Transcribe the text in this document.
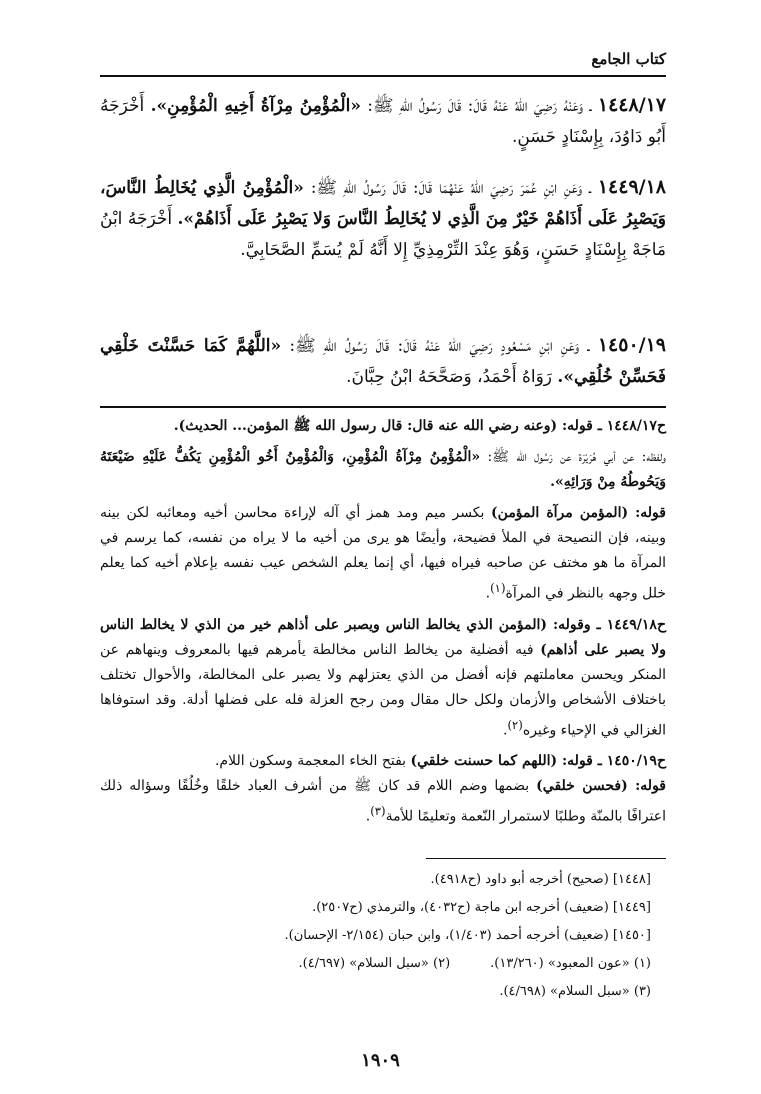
كتاب الجامع

١٤٤٨/١٧ ـ وَعَنْهُ رَضِيَ اللهُ عَنْهُ قَالَ: قَالَ رَسُولُ اللهِ ﷺ: «الْمُؤْمِنُ مِرْآةُ أَخِيهِ الْمُؤْمِنِ». أَخْرَجَهُ أَبُو دَاوُدَ، بِإِسْنَادٍ حَسَنٍ.

١٤٤٩/١٨ ـ وَعَنِ ابْنِ عُمَرَ رَضِيَ اللهُ عَنْهُمَا قَالَ: قَالَ رَسُولُ اللهِ ﷺ: «الْمُؤْمِنُ الَّذِي يُخَالِطُ النَّاسَ، وَيَصْبِرُ عَلَى أَذَاهُمْ خَيْرٌ مِنَ الَّذِي لا يُخَالِطُ النَّاسَ وَلا يَصْبِرُ عَلَى أَذَاهُمْ». أَخْرَجَهُ ابْنُ مَاجَهْ بِإِسْنَادٍ حَسَنٍ، وَهُوَ عِنْدَ التِّرْمِذِيِّ إِلا أَنَّهُ لَمْ يُسَمِّ الصَّحَابِيَّ.

١٤٥٠/١٩ ـ وَعَنِ ابْنِ مَسْعُودٍ رَضِيَ اللهُ عَنْهُ قَالَ: قَالَ رَسُولُ اللهِ ﷺ: «اللَّهُمَّ كَمَا حَسَّنْتَ خَلْقِي فَحَسِّنْ خُلُقِي». رَوَاهُ أَحْمَدُ، وَصَحَّحَهُ ابْنُ حِبَّانَ.

ح١٤٤٨/١٧ ـ قوله: (وعنه رضي الله عنه قال: قال رسول الله ﷺ المؤمن... الحديث).

ولفظه: عن أبي هُرَيْرَة عن رَسُول الله ﷺ: «الْمُؤْمِنُ مِرْآةُ الْمُؤْمِنِ، وَالْمُؤْمِنُ أَخُو الْمُؤْمِنِ يَكُفُّ عَلَيْهِ ضَيْعَتَهُ وَيَحُوطُهُ مِنْ وَرَائِهِ».

قوله: (المؤمن مرآة المؤمن) بكسر ميم ومد همز أي آله لإراءة محاسن أخيه ومعائبه لكن بينه وبينه، فإن النصيحة في الملأ فضيحة، وأيضًا هو يرى من أخيه ما لا يراه من نفسه، كما يرسم في المرآة ما هو مختف عن صاحبه فيراه فيها، أي إنما يعلم الشخص عيب نفسه بإعلام أخيه كما يعلم خلل وجهه بالنظر في المرآة$^{(١)}$.

ح١٤٤٩/١٨ ـ وقوله: (المؤمن الذي يخالط الناس ويصبر على أذاهم خير من الذي لا يخالط الناس ولا يصبر على أذاهم) فيه أفضلية من يخالط الناس مخالطة يأمرهم فيها بالمعروف وينهاهم عن المنكر ويحسن معاملتهم فإنه أفضل من الذي يعتزلهم ولا يصبر على المخالطة، والأحوال تختلف باختلاف الأشخاص والأزمان ولكل حال مقال ومن رجح العزلة فله على فضلها أدلة. وقد استوفاها الغزالي في الإحياء وغيره$^{(٢)}$.

ح١٤٥٠/١٩ ـ قوله: (اللهم كما حسنت خلقي) بفتح الخاء المعجمة وسكون اللام.
قوله: (فحسن خلقي) بضمها وضم اللام قد كان ﷺ من أشرف العباد خلقًا وخُلُقًا وسؤاله ذلك اعترافًا بالمنّة وطلبًا لاستمرار النّعمة وتعليمًا للأمة$^{(٣)}$.

[١٤٤٨] (صحيح) أخرجه أبو داود (ح٤٩١٨).
[١٤٤٩] (ضعيف) أخرجه ابن ماجة (ح٤٠٣٢)، والترمذي (ح٢٥٠٧).
[١٤٥٠] (ضعيف) أخرجه أحمد (١/٤٠٣)، وابن حبان (٢/١٥٤- الإحسان).
(١) «عون المعبود» (١٣/٢٦٠).
(٢) «سبل السلام» (٤/٦٩٧).
(٣) «سبل السلام» (٤/٦٩٨).
١٩٠٩
